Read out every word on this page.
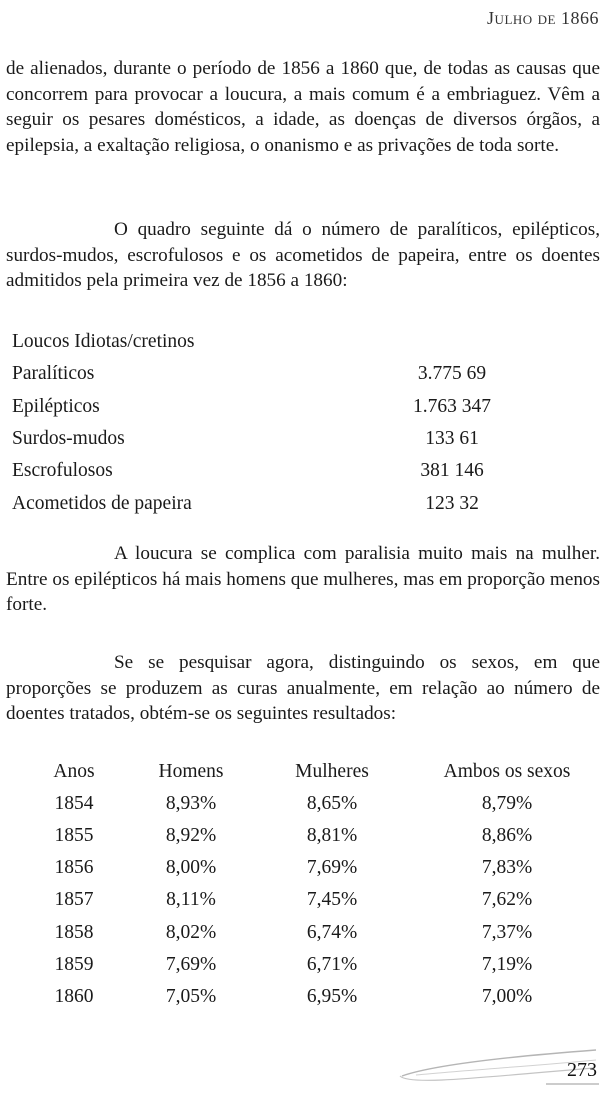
Julho de 1866

de alienados, durante o período de 1856 a 1860 que, de todas as causas que concorrem para provocar a loucura, a mais comum é a embriaguez. Vêm a seguir os pesares domésticos, a idade, as doenças de diversos órgãos, a epilepsia, a exaltação religiosa, o onanismo e as privações de toda sorte.

O quadro seguinte dá o número de paralíticos, epilépticos, surdos-mudos, escrofulosos e os acometidos de papeira, entre os doentes admitidos pela primeira vez de 1856 a 1860:

Loucos Idiotas/cretinos	
Paralíticos	3.775 69
Epilépticos	1.763 347
Surdos-mudos	133 61
Escrofulosos	381 146
Acometidos de papeira	123 32

A loucura se complica com paralisia muito mais na mulher. Entre os epilépticos há mais homens que mulheres, mas em proporção menos forte.

Se se pesquisar agora, distinguindo os sexos, em que proporções se produzem as curas anualmente, em relação ao número de doentes tratados, obtém-se os seguintes resultados:

Anos	Homens	Mulheres	Ambos os sexos
1854	8,93%	8,65%	8,79%
1855	8,92%	8,81%	8,86%
1856	8,00%	7,69%	7,83%
1857	8,11%	7,45%	7,62%
1858	8,02%	6,74%	7,37%
1859	7,69%	6,71%	7,19%
1860	7,05%	6,95%	7,00%
273
